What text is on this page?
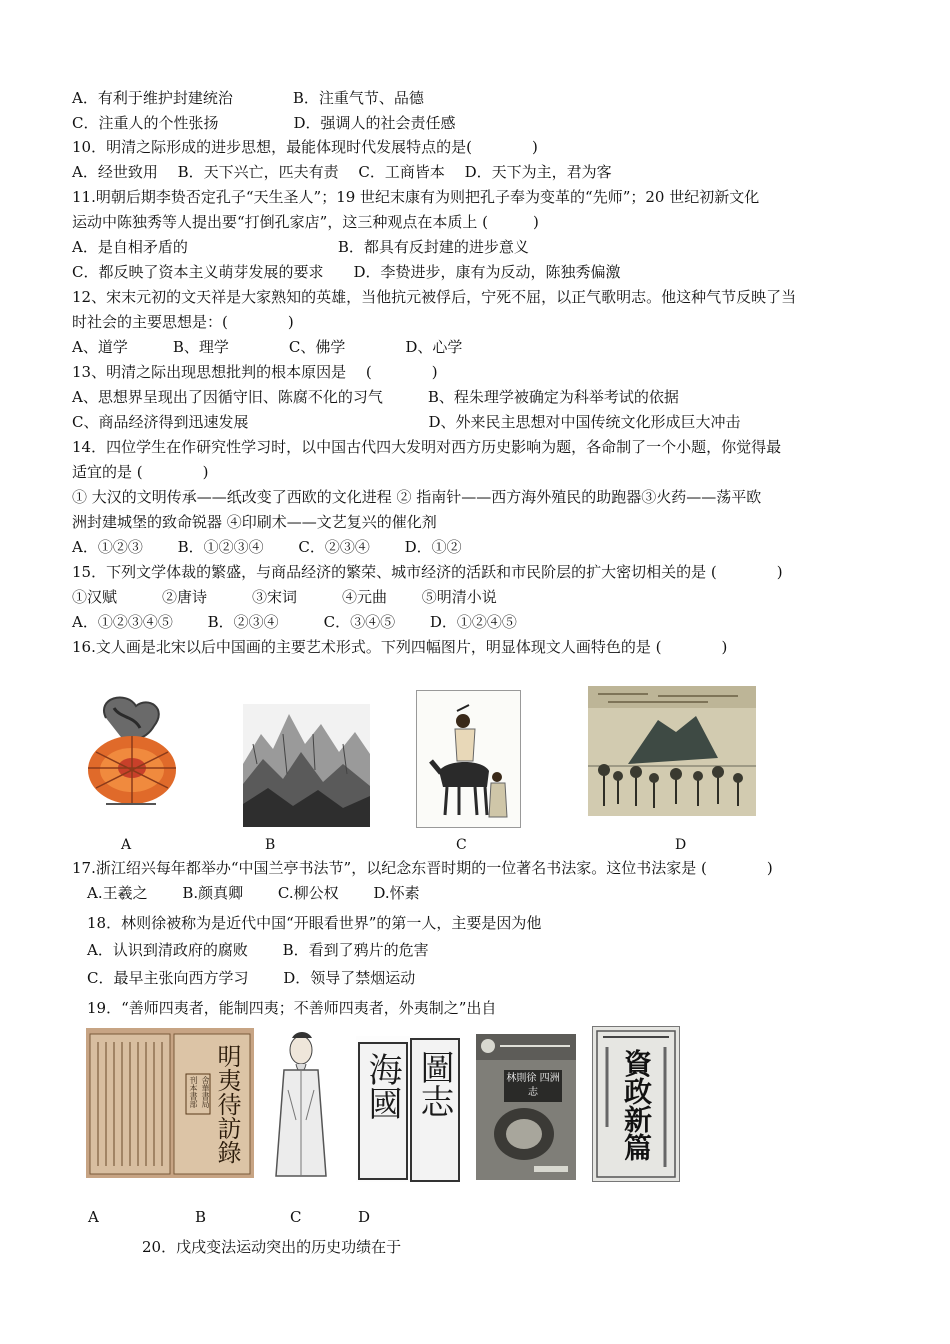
A．有利于维护封建统治　　　　B．注重气节、品德
C．注重人的个性张扬　　　　　D．强调人的社会责任感
10．明清之际形成的进步思想，最能体现时代发展特点的是(　　　　)
A．经世致用　 B．天下兴亡，匹夫有责　 C．工商皆本　 D．天下为主，君为客
11.明朝后期李贽否定孔子“天生圣人”；19 世纪末康有为则把孔子奉为变革的“先师”；20 世纪初新文化
运动中陈独秀等人提出要“打倒孔家店”，这三种观点在本质上 (　　　)
A．是自相矛盾的　　　　　　　　　　B．都具有反封建的进步意义
C．都反映了资本主义萌芽发展的要求　　D．李贽进步，康有为反动，陈独秀偏激
12、宋末元初的文天祥是大家熟知的英雄，当他抗元被俘后，宁死不屈，以正气歌明志。他这种气节反映了当
时社会的主要思想是：(　　　　)
A、道学　　　B、理学　　　　C、佛学　　　　D、心学
13、明清之际出现思想批判的根本原因是　 (　　　　)
A、思想界呈现出了因循守旧、陈腐不化的习气　　　B、程朱理学被确定为科举考试的依据
C、商品经济得到迅速发展　　　　　　　　　　　　D、外来民主思想对中国传统文化形成巨大冲击
14．四位学生在作研究性学习时，以中国古代四大发明对西方历史影响为题，各命制了一个小题，你觉得最
适宜的是 (　　　　)
① 大汉的文明传承——纸改变了西欧的文化进程 ② 指南针——西方海外殖民的助跑器③火药——荡平欧
洲封建城堡的致命锐器 ④印刷术——文艺复兴的催化剂
A．①②③　　 B．①②③④　　 C．②③④　　 D．①②
15．下列文学体裁的繁盛，与商品经济的繁荣、城市经济的活跃和市民阶层的扩大密切相关的是 (　　　　)
①汉赋　　　②唐诗　　　③宋词　　　④元曲　　 ⑤明清小说
A．①②③④⑤　　 B．②③④　　　C．③④⑤　　 D．①②④⑤
16.文人画是北宋以后中国画的主要艺术形式。下列四幅图片，明显体现文人画特色的是 (　　　　)
A	B	C	D
17.浙江绍兴每年都举办“中国兰亭书法节”，以纪念东晋时期的一位著名书法家。这位书法家是 (　　　　)
　A.王羲之　　 B.颜真卿　　 C.柳公权　　 D.怀素
　18．林则徐被称为是近代中国“开眼看世界”的第一人，主要是因为他
　A．认识到清政府的腐败　　 B．看到了鸦片的危害
　C．最早主张向西方学习　　 D．领导了禁烟运动
　19．“善师四夷者，能制四夷；不善师四夷者，外夷制之”出自
明夷待訪錄
舍華書局刊本書部	海國 圖志	林則徐 四洲志	資政新篇
A	B	C	D
20．戊戌变法运动突出的历史功绩在于
